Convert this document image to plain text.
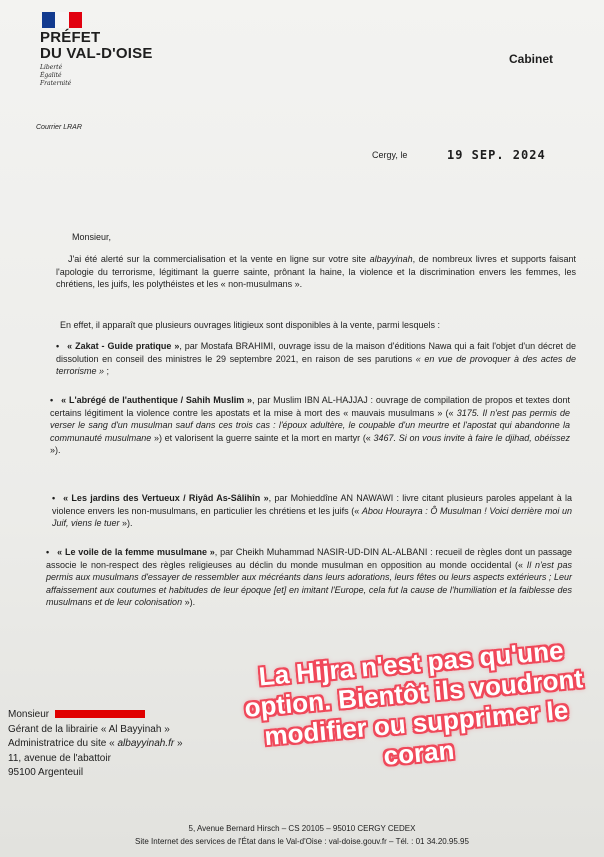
PRÉFET
DU VAL-D'OISE
Liberté
Égalité
Fraternité
Cabinet
Courrier LRAR
Cergy, le	19 SEP. 2024
Monsieur,
J'ai été alerté sur la commercialisation et la vente en ligne sur votre site albayyinah, de nombreux livres et supports faisant l'apologie du terrorisme, légitimant la guerre sainte, prônant la haine, la violence et la discrimination envers les femmes, les chrétiens, les juifs, les polythéistes et les « non-musulmans ».
En effet, il apparaît que plusieurs ouvrages litigieux sont disponibles à la vente, parmi lesquels :
• « Zakat - Guide pratique », par Mostafa BRAHIMI, ouvrage issu de la maison d'éditions Nawa qui a fait l'objet d'un décret de dissolution en conseil des ministres le 29 septembre 2021, en raison de ses parutions « en vue de provoquer à des actes de terrorisme » ;
• « L'abrégé de l'authentique / Sahih Muslim », par Muslim IBN AL-HAJJAJ : ouvrage de compilation de propos et textes dont certains légitiment la violence contre les apostats et la mise à mort des « mauvais musulmans » (« 3175. Il n'est pas permis de verser le sang d'un musulman sauf dans ces trois cas : l'époux adultère, le coupable d'un meurtre et l'apostat qui abandonne la communauté musulmane ») et valorisent la guerre sainte et la mort en martyr (« 3467. Si on vous invite à faire le djihad, obéissez »).
• « Les jardins des Vertueux / Riyâd As-Sâlihîn », par Mohieddîne AN NAWAWI : livre citant plusieurs paroles appelant à la violence envers les non-musulmans, en particulier les chrétiens et les juifs (« Abou Hourayra : Ô Musulman ! Voici derrière moi un Juif, viens le tuer »).
• « Le voile de la femme musulmane », par Cheikh Muhammad NASIR-UD-DIN AL-ALBANI : recueil de règles dont un passage associe le non-respect des règles religieuses au déclin du monde musulman en opposition au monde occidental (« Il n'est pas permis aux musulmans d'essayer de ressembler aux mécréants dans leurs adorations, leurs fêtes ou leurs aspects extérieurs ; Leur affaissement aux coutumes et habitudes de leur époque [et] en imitant l'Europe, cela fut la cause de l'humiliation et la faiblesse des musulmans et de leur colonisation »).
Monsieur
Gérant de la librairie « Al Bayyinah »
Administratrice du site « albayyinah.fr »
11, avenue de l'abattoir
95100 Argenteuil
5, Avenue Bernard Hirsch – CS 20105 – 95010 CERGY CEDEX
Site Internet des services de l'État dans le Val-d'Oise : val-doise.gouv.fr – Tél. : 01 34.20.95.95
La Hijra n'est pas qu'une option. Bientôt ils voudront modifier ou supprimer le coran
